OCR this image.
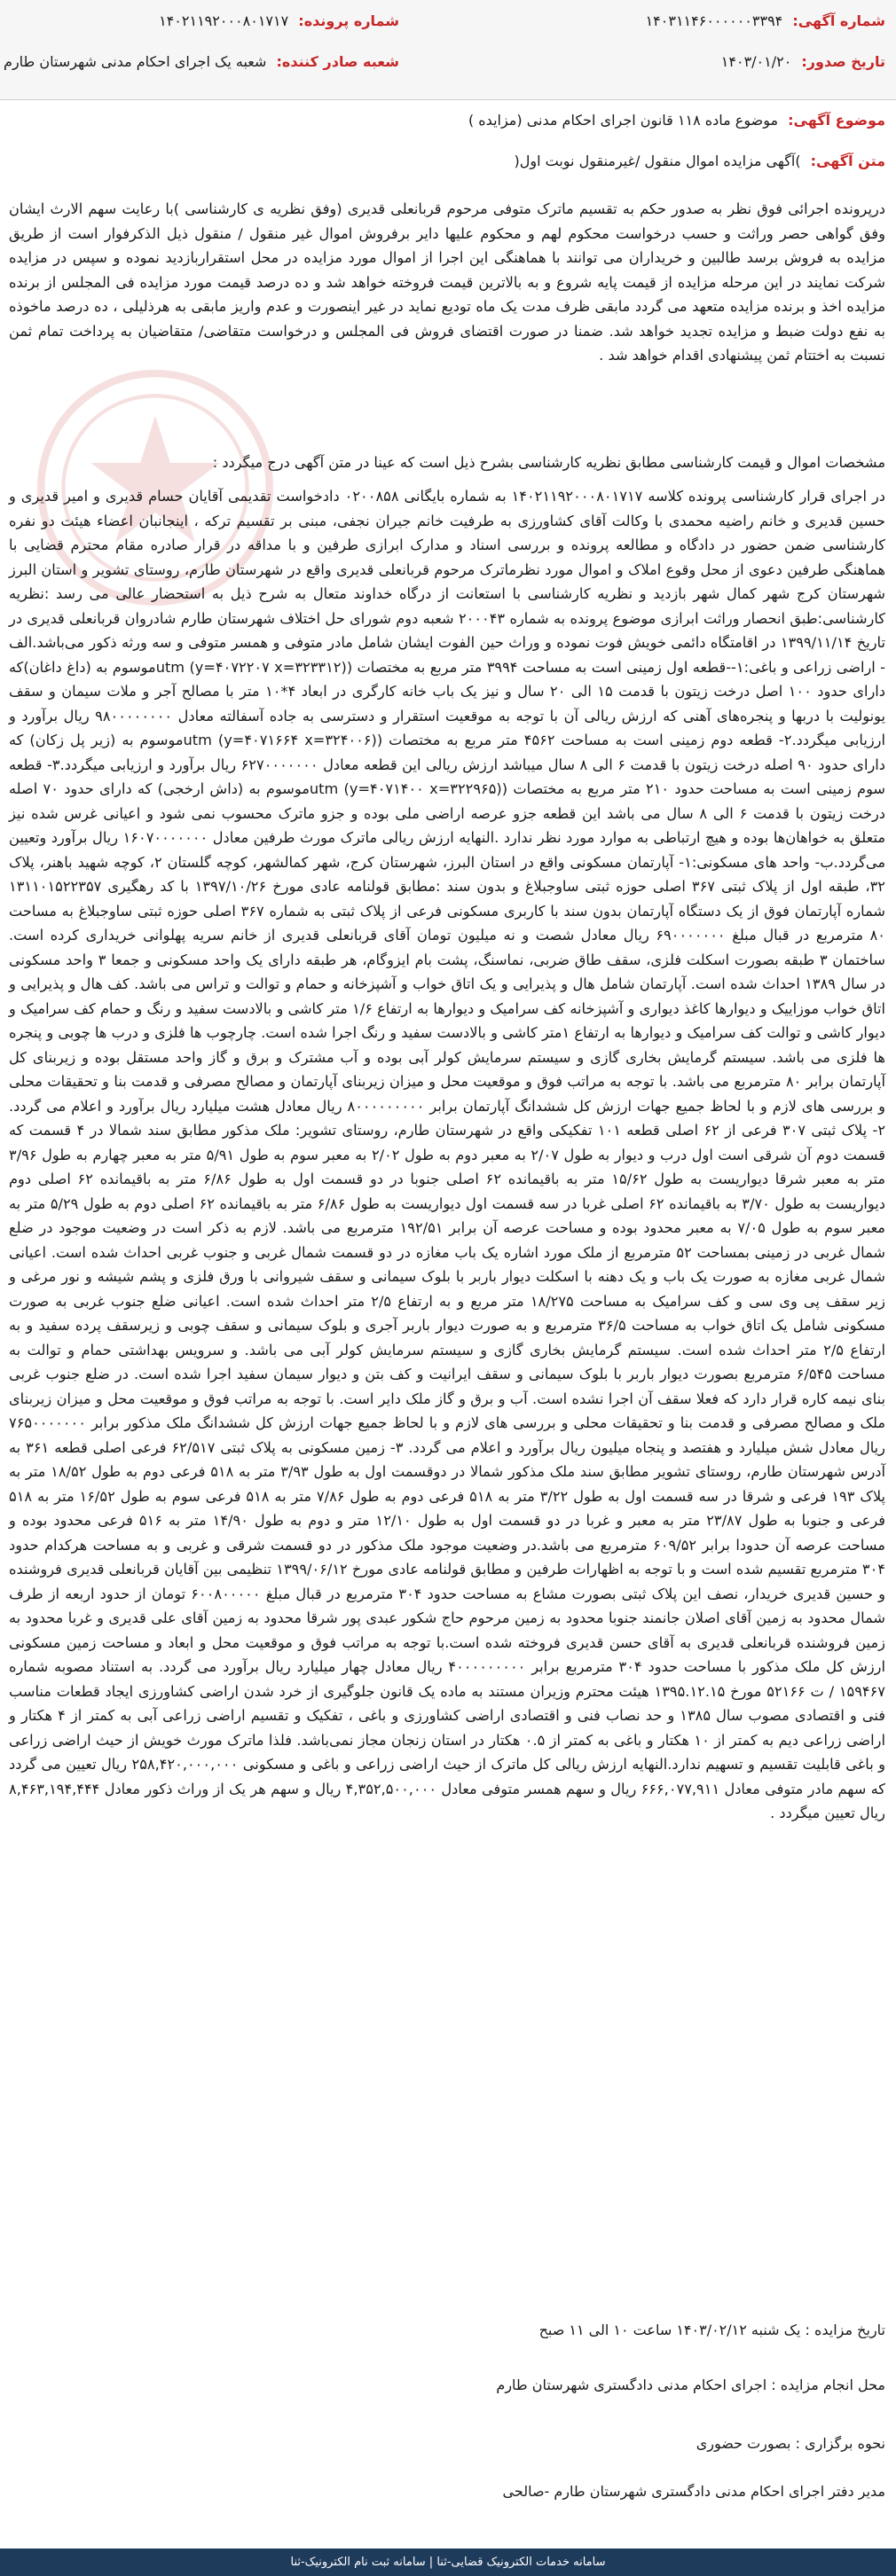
شماره آگهی: ۱۴۰۳۱۱۴۶۰۰۰۰۰۰۳۳۹۴
شماره پرونده: ۱۴۰۲۱۱۹۲۰۰۰۸۰۱۷۱۷
تاریخ صدور: ۱۴۰۳/۰۱/۲۰
شعبه صادر کننده: شعبه یک اجرای احکام مدنی شهرستان طارم
موضوع آگهی: موضوع ماده ۱۱۸ قانون اجرای احکام مدنی (مزایده )
متن آگهی: )آگهی مزایده اموال منقول /غیرمنقول نوبت اول(
درپرونده اجرائی فوق نظر به صدور حکم به تقسیم ماترک متوفی مرحوم قربانعلی قدیری (وفق نظریه ی کارشناسی )با رعایت سهم الارث ایشان وفق گواهی حصر وراثت و حسب درخواست محکوم لهم و محکوم علیها دایر برفروش اموال غیر منقول / منقول ذیل الذکرفوار است از طریق مزایده به فروش برسد طالبین و خریداران می توانند با هماهنگی این اجرا از اموال مورد مزایده در محل استقراربازدید نموده و سپس در مزایده شرکت نمایند در این مرحله مزایده از قیمت پایه شروع و به بالاترین قیمت فروخته خواهد شد و ده درصد قیمت مورد مزایده فی المجلس از برنده مزایده اخذ و برنده مزایده متعهد می گردد مابقی ظرف مدت یک ماه تودیع نماید در غیر اینصورت و عدم واریز مابقی به هرذلیلی ، ده درصد ماخوذه به نفع دولت ضبط و مزایده تجدید خواهد شد. ضمنا در صورت اقتضای فروش فی المجلس و درخواست متقاضی/ متقاضیان به پرداخت تمام ثمن نسبت به اختتام ثمن پیشنهادی اقدام خواهد شد .
مشخصات اموال و قیمت کارشناسی مطابق نظریه کارشناسی بشرح ذیل است که عینا در متن آگهی درج میگردد :
در اجرای قرار کارشناسی پرونده کلاسه ۱۴۰۲۱۱۹۲۰۰۰۸۰۱۷۱۷ به شماره بایگانی ۰۲۰۰۸۵۸ دادخواست تقدیمی آقایان حسام قدیری و امیر قدیری و حسین قدیری و خانم راضیه محمدی با وکالت آقای کشاورزی به طرفیت خانم جیران نجفی، مبنی بر تقسیم ترکه ، اینجانبان اعضاء هیئت دو نفره کارشناسی ضمن حضور در دادگاه و مطالعه پرونده و بررسی اسناد و مدارک ابرازی طرفین و با مداقه در قرار صادره مقام محترم قضایی با هماهنگی طرفین دعوی از محل وقوع املاک و اموال مورد نظرماترک مرحوم قربانعلی قدیری واقع در شهرستان طارم، روستای تشویر و استان البرز شهرستان کرج شهر کمال شهر بازدید و نظریه کارشناسی با استعانت از درگاه خداوند متعال به شرح ذیل به استحضار عالی می رسد :نظریه کارشناسی:طبق انحصار وراثت ابرازی موضوع پرونده به شماره ۲۰۰۰۴۳ شعبه دوم شورای حل اختلاف شهرستان طارم شادروان قربانعلی قدیری در تاریخ ۱۳۹۹/۱۱/۱۴ در اقامتگاه دائمی خویش فوت نموده و وراث حین الفوت ایشان شامل مادر متوفی و همسر متوفی و سه ورثه ذکور می‌باشد.الف - اراضی زراعی و باغی:۱--قطعه اول زمینی است به مساحت ۳۹۹۴ متر مربع به مختصات (utm (y=۴۰۷۲۲۰۷ x=۳۲۳۳۱۲)موسوم به (داغ داغان)که دارای حدود ۱۰۰ اصل درخت زیتون با قدمت ۱۵ الی ۲۰ سال و نیز یک باب خانه کارگری در ابعاد ۴*۱۰ متر با مصالح آجر و ملات سیمان و سقف یونولیت با دربها و پنجره‌های آهنی که ارزش ریالی آن با توجه به موقعیت استقرار و دسترسی به جاده آسفالته معادل ۹۸۰۰۰۰۰۰۰۰ ریال برآورد و ارزیابی میگردد.۲- قطعه دوم زمینی است به مساحت ۴۵۶۲ متر مربع به مختصات (utm (y=۴۰۷۱۶۶۴ x=۳۲۴۰۰۶)موسوم به (زیر پل زکان) که دارای حدود ۹۰ اصله درخت زیتون با قدمت ۶ الی ۸ سال میباشد ارزش ریالی این قطعه معادل ۶۲۷۰۰۰۰۰۰۰ ریال برآورد و ارزیابی میگردد.۳- قطعه سوم زمینی است به مساحت حدود ۲۱۰ متر مربع به مختصات (utm (y=۴۰۷۱۴۰۰ x=۳۲۲۹۶۵)موسوم به (داش ارخجی) که دارای حدود ۷۰ اصله درخت زیتون با قدمت ۶ الی ۸ سال می باشد این قطعه جزو عرصه اراضی ملی بوده و جزو ماترک محسوب نمی شود و اعیانی غرس شده نیز متعلق به خواهان‌ها بوده و هیچ ارتباطی به موارد مورد نظر ندارد .النهایه ارزش ریالی ماترک مورث طرفین معادل ۱۶۰۷۰۰۰۰۰۰۰ ریال برآورد وتعیین می‌گردد.ب- واحد های مسکونی:۱- آپارتمان مسکونی واقع در استان البرز، شهرستان کرج، شهر کمالشهر، کوچه گلستان ۲، کوچه شهید باهنر، پلاک ۳۲، طبقه اول از پلاک ثبتی ۳۶۷ اصلی حوزه ثبتی ساوجبلاغ و بدون سند :مطابق قولنامه عادی مورخ ۱۳۹۷/۱۰/۲۶ با کد رهگیری ۱۳۱۱۰۱۵۲۲۳۵۷ شماره آپارتمان فوق از یک دستگاه آپارتمان بدون سند با کاربری مسکونی فرعی از پلاک ثبتی به شماره ۳۶۷ اصلی حوزه ثبتی ساوجبلاغ به مساحت ۸۰ مترمربع در قبال مبلغ ۶۹۰۰۰۰۰۰۰ ریال معادل شصت و نه میلیون تومان آقای قربانعلی قدیری از خانم سریه پهلوانی خریداری کرده است. ساختمان ۳ طبقه بصورت اسکلت فلزی، سقف طاق ضربی، نماسنگ، پشت بام ایزوگام، هر طبقه دارای یک واحد مسکونی و جمعا ۳ واحد مسکونی در سال ۱۳۸۹ احداث شده است. آپارتمان شامل هال و پذیرایی و یک اتاق خواب و آشپزخانه و حمام و توالت و تراس می باشد. کف هال و پذیرایی و اتاق خواب موزاییک و دیوارها کاغذ دیواری و آشپزخانه کف سرامیک و دیوارها به ارتفاع ۱/۶ متر کاشی و بالادست سفید و رنگ و حمام کف سرامیک و دیوار کاشی و توالت کف سرامیک و دیوارها به ارتفاع ۱متر کاشی و بالادست سفید و رنگ اجرا شده است. چارچوب ها فلزی و درب ها چوبی و پنجره ها فلزی می باشد. سیستم گرمایش بخاری گازی و سیستم سرمایش کولر آبی بوده و آب مشترک و برق و گاز واحد مستقل بوده و زیربنای کل آپارتمان برابر ۸۰ مترمربع می باشد. با توجه به مراتب فوق و موقعیت محل و میزان زیربنای آپارتمان و مصالح مصرفی و قدمت بنا و تحقیقات محلی و بررسی های لازم و با لحاظ جمیع جهات ارزش کل ششدانگ آپارتمان برابر ۸۰۰۰۰۰۰۰۰۰ ریال معادل هشت میلیارد ریال برآورد و اعلام می گردد. ۲- پلاک ثبتی ۳۰۷ فرعی از ۶۲ اصلی قطعه ۱۰۱ تفکیکی واقع در شهرستان طارم، روستای تشویر: ملک مذکور مطابق سند شمالا در ۴ قسمت که قسمت دوم آن شرقی است اول درب و دیوار به طول ۲/۰۷ به معبر دوم به طول ۲/۰۲ به معبر سوم به طول ۵/۹۱ متر به معبر چهارم به طول ۳/۹۶ متر به معبر شرقا دیواریست به طول ۱۵/۶۲ متر به باقیمانده ۶۲ اصلی جنوبا در دو قسمت اول به طول ۶/۸۶ متر به باقیمانده ۶۲ اصلی دوم دیواریست به طول ۳/۷۰ به باقیمانده ۶۲ اصلی غربا در سه قسمت اول دیواریست به طول ۶/۸۶ متر به باقیمانده ۶۲ اصلی دوم به طول ۵/۲۹ متر به معبر سوم به طول ۷/۰۵ به معبر محدود بوده و مساحت عرصه آن برابر ۱۹۲/۵۱ مترمربع می باشد. لازم به ذکر است در وضعیت موجود در ضلع شمال غربی در زمینی بمساحت ۵۲ مترمربع از ملک مورد اشاره یک باب مغازه در دو قسمت شمال غربی و جنوب غربی احداث شده است. اعیانی شمال غربی مغازه به صورت یک باب و یک دهنه با اسکلت دیوار باربر با بلوک سیمانی و سقف شیروانی با ورق فلزی و پشم شیشه و نور مرغی و زیر سقف پی وی سی و کف سرامیک به مساحت ۱۸/۲۷۵ متر مربع و به ارتفاع ۲/۵ متر احداث شده است. اعیانی ضلع جنوب غربی به صورت مسکونی شامل یک اتاق خواب به مساحت ۳۶/۵ مترمربع و به صورت دیوار باربر آجری و بلوک سیمانی و سقف چوبی و زیرسقف پرده سفید و به ارتفاع ۲/۵ متر احداث شده است. سیستم گرمایش بخاری گازی و سیستم سرمایش کولر آبی می باشد. و سرویس بهداشتی حمام و توالت به مساحت ۶/۵۴۵ مترمربع بصورت دیوار باربر با بلوک سیمانی و سقف ایرانیت و کف بتن و دیوار سیمان سفید اجرا شده است. در ضلع جنوب غربی بنای نیمه کاره قرار دارد که فعلا سقف آن اجرا نشده است. آب و برق و گاز ملک دایر است. با توجه به مراتب فوق و موقعیت محل و میزان زیربنای ملک و مصالح مصرفی و قدمت بنا و تحقیقات محلی و بررسی های لازم و با لحاظ جمیع جهات ارزش کل ششدانگ ملک مذکور برابر ۷۶۵۰۰۰۰۰۰۰ ریال معادل شش میلیارد و هفتصد و پنجاه میلیون ریال برآورد و اعلام می گردد. ۳- زمین مسکونی به پلاک ثبتی ۶۲/۵۱۷ فرعی اصلی قطعه ۳۶۱ به آدرس شهرستان طارم، روستای تشویر مطابق سند ملک مذکور شمالا در دوقسمت اول به طول ۳/۹۳ متر به ۵۱۸ فرعی دوم به طول ۱۸/۵۲ متر به پلاک ۱۹۳ فرعی و شرقا در سه قسمت اول به طول ۳/۲۲ متر به ۵۱۸ فرعی دوم به طول ۷/۸۶ متر به ۵۱۸ فرعی سوم به طول ۱۶/۵۲ متر به ۵۱۸ فرعی و جنوبا به طول ۲۳/۸۷ متر به معبر و غربا در دو قسمت اول به طول ۱۲/۱۰ متر و دوم به طول ۱۴/۹۰ متر به ۵۱۶ فرعی محدود بوده و مساحت عرصه آن حدودا برابر ۶۰۹/۵۲ مترمربع می باشد.در وضعیت موجود ملک مذکور در دو قسمت شرقی و غربی و به مساحت هرکدام حدود ۳۰۴ مترمربع تقسیم شده است و با توجه به اظهارات طرفین و مطابق قولنامه عادی مورخ ۱۳۹۹/۰۶/۱۲ تنظیمی بین آقایان قربانعلی قدیری فروشنده و حسین قدیری خریدار، نصف این پلاک ثبتی بصورت مشاع به مساحت حدود ۳۰۴ مترمربع در قبال مبلغ ۶۰۰۸۰۰۰۰۰ تومان از حدود اربعه از طرف شمال محدود به زمین آقای اصلان جانمند جنوبا محدود به زمین مرحوم حاج شکور عبدی پور شرقا محدود به زمین آقای علی قدیری و غربا محدود به زمین فروشنده قربانعلی قدیری به آقای حسن قدیری فروخته شده است.با توجه به مراتب فوق و موقعیت محل و ابعاد و مساحت زمین مسکونی ارزش کل ملک مذکور با مساحت حدود ۳۰۴ مترمربع برابر ۴۰۰۰۰۰۰۰۰۰ ریال معادل چهار میلیارد ریال برآورد می گردد. به استناد مصوبه شماره ۱۵۹۴۶۷ / ت ۵۲۱۶۶ مورخ ۱۳۹۵.۱۲.۱۵ هیئت محترم وزیران مستند به ماده یک قانون جلوگیری از خرد شدن اراضی کشاورزی ایجاد قطعات مناسب فنی و اقتصادی مصوب سال ۱۳۸۵ و حد نصاب فنی و اقتصادی اراضی کشاورزی و باغی ، تفکیک و تقسیم اراضی زراعی آبی به کمتر از ۴ هکتار و اراضی زراعی دیم به کمتر از ۱۰ هکتار و باغی به کمتر از ۰.۵ هکتار در استان زنجان مجاز نمی‌باشد. فلذا ماترک مورث خویش از حیث اراضی زراعی و باغی قابلیت تقسیم و تسهیم ندارد.النهایه ارزش ریالی کل ماترک از حیث اراضی زراعی و باغی و مسکونی ۲۵۸,۴۲۰,۰۰۰,۰۰۰ ریال تعیین می گردد که سهم مادر متوفی معادل ۶۶۶,۰۷۷,۹۱۱ ریال و سهم همسر متوفی معادل ۴,۳۵۲,۵۰۰,۰۰۰ ریال و سهم هر یک از وراث ذکور معادل ۸,۴۶۳,۱۹۴,۴۴۴ ریال تعیین میگردد .
تاریخ مزایده : یک شنبه ۱۴۰۳/۰۲/۱۲ ساعت ۱۰ الی ۱۱ صبح
محل انجام مزایده : اجرای احکام مدنی دادگستری شهرستان طارم
نحوه برگزاری : بصورت حضوری
مدیر دفتر اجرای احکام مدنی دادگستری شهرستان طارم -صالحی
سامانه خدمات الکترونیک قضایی-ثنا | سامانه ثبت نام الکترونیک-ثنا
